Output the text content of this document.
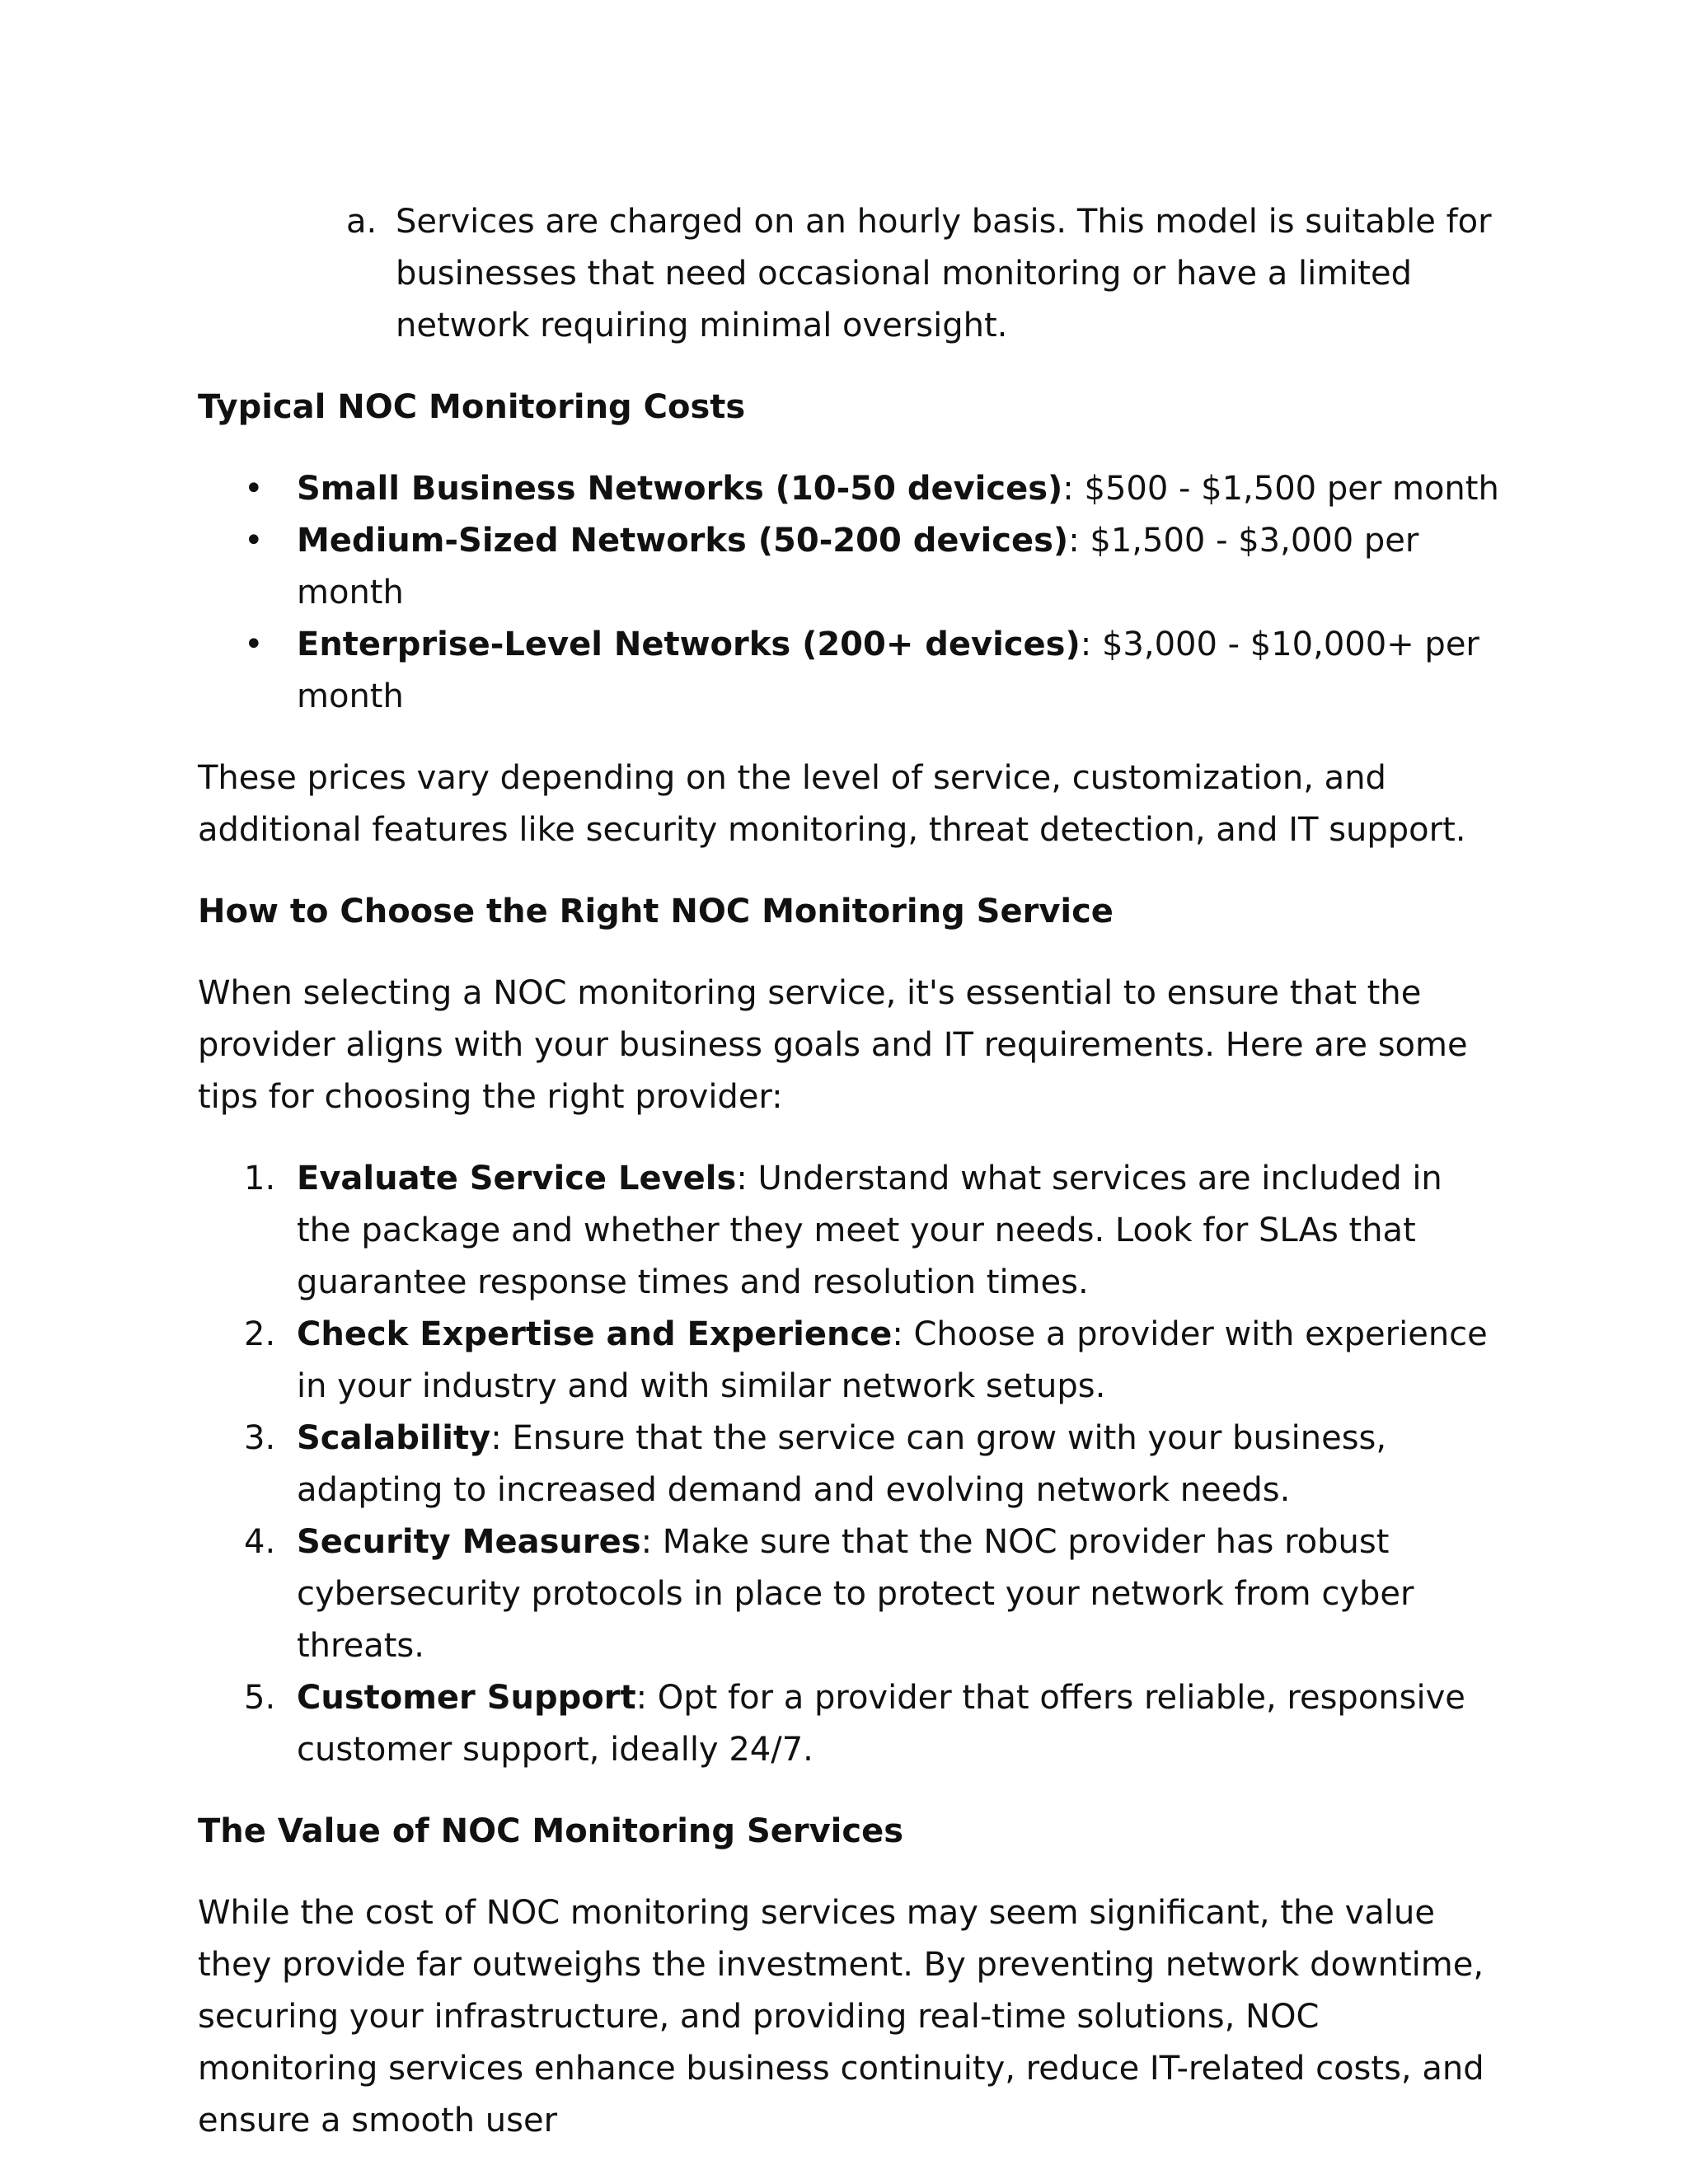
a. Services are charged on an hourly basis. This model is suitable for businesses that need occasional monitoring or have a limited network requiring minimal oversight.
Typical NOC Monitoring Costs
• Small Business Networks (10-50 devices): $500 - $1,500 per month
• Medium-Sized Networks (50-200 devices): $1,500 - $3,000 per month
• Enterprise-Level Networks (200+ devices): $3,000 - $10,000+ per month

These prices vary depending on the level of service, customization, and additional features like security monitoring, threat detection, and IT support.

How to Choose the Right NOC Monitoring Service

When selecting a NOC monitoring service, it's essential to ensure that the provider aligns with your business goals and IT requirements. Here are some tips for choosing the right provider:

1. Evaluate Service Levels: Understand what services are included in the package and whether they meet your needs. Look for SLAs that guarantee response times and resolution times.
2. Check Expertise and Experience: Choose a provider with experience in your industry and with similar network setups.
3. Scalability: Ensure that the service can grow with your business, adapting to increased demand and evolving network needs.
4. Security Measures: Make sure that the NOC provider has robust cybersecurity protocols in place to protect your network from cyber threats.
5. Customer Support: Opt for a provider that offers reliable, responsive customer support, ideally 24/7.
The Value of NOC Monitoring Services

While the cost of NOC monitoring services may seem significant, the value they provide far outweighs the investment. By preventing network downtime, securing your infrastructure, and providing real-time solutions, NOC monitoring services enhance business continuity, reduce IT-related costs, and ensure a smooth user
